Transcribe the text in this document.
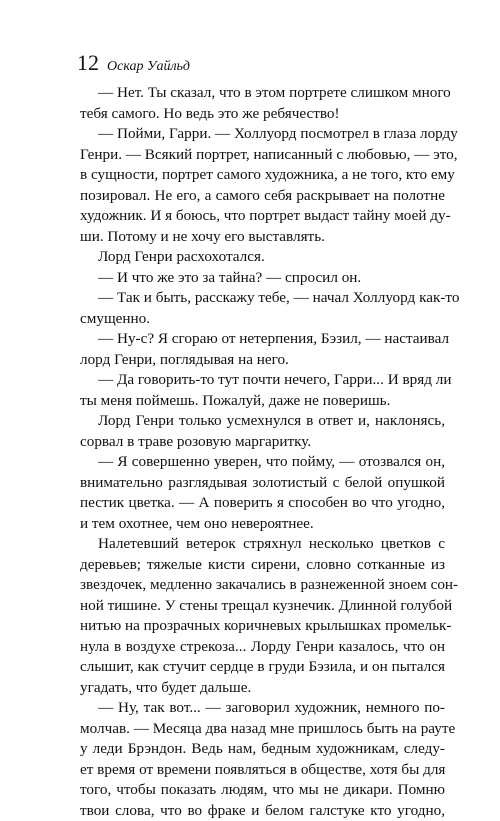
12 Оскар Уайльд
— Нет. Ты сказал, что в этом портрете слишком много
тебя самого. Но ведь это же ребячество!
— Пойми, Гарри. — Холлуорд посмотрел в глаза лорду
Генри. — Всякий портрет, написанный с любовью, — это,
в сущности, портрет самого художника, а не того, кто ему
позировал. Не его, а самого себя раскрывает на полотне
художник. И я боюсь, что портрет выдаст тайну моей ду-
ши. Потому и не хочу его выставлять.
Лорд Генри расхохотался.
— И что же это за тайна? — спросил он.
— Так и быть, расскажу тебе, — начал Холлуорд как-то
смущенно.
— Ну-с? Я сгораю от нетерпения, Бэзил, — настаивал
лорд Генри, поглядывая на него.
— Да говорить-то тут почти нечего, Гарри... И вряд ли
ты меня поймешь. Пожалуй, даже не поверишь.
Лорд Генри только усмехнулся в ответ и, наклонясь,
сорвал в траве розовую маргаритку.
— Я совершенно уверен, что пойму, — отозвался он,
внимательно разглядывая золотистый с белой опушкой
пестик цветка. — А поверить я способен во что угодно,
и тем охотнее, чем оно невероятнее.
Налетевший ветерок стряхнул несколько цветков с
деревьев; тяжелые кисти сирени, словно сотканные из
звездочек, медленно закачались в разнеженной зноем сон-
ной тишине. У стены трещал кузнечик. Длинной голубой
нитью на прозрачных коричневых крылышках промельк-
нула в воздухе стрекоза... Лорду Генри казалось, что он
слышит, как стучит сердце в груди Бэзила, и он пытался
угадать, что будет дальше.
— Ну, так вот... — заговорил художник, немного по-
молчав. — Месяца два назад мне пришлось быть на рауте
у леди Брэндон. Ведь нам, бедным художникам, следу-
ет время от времени появляться в обществе, хотя бы для
того, чтобы показать людям, что мы не дикари. Помню
твои слова, что во фраке и белом галстуке кто угодно,
